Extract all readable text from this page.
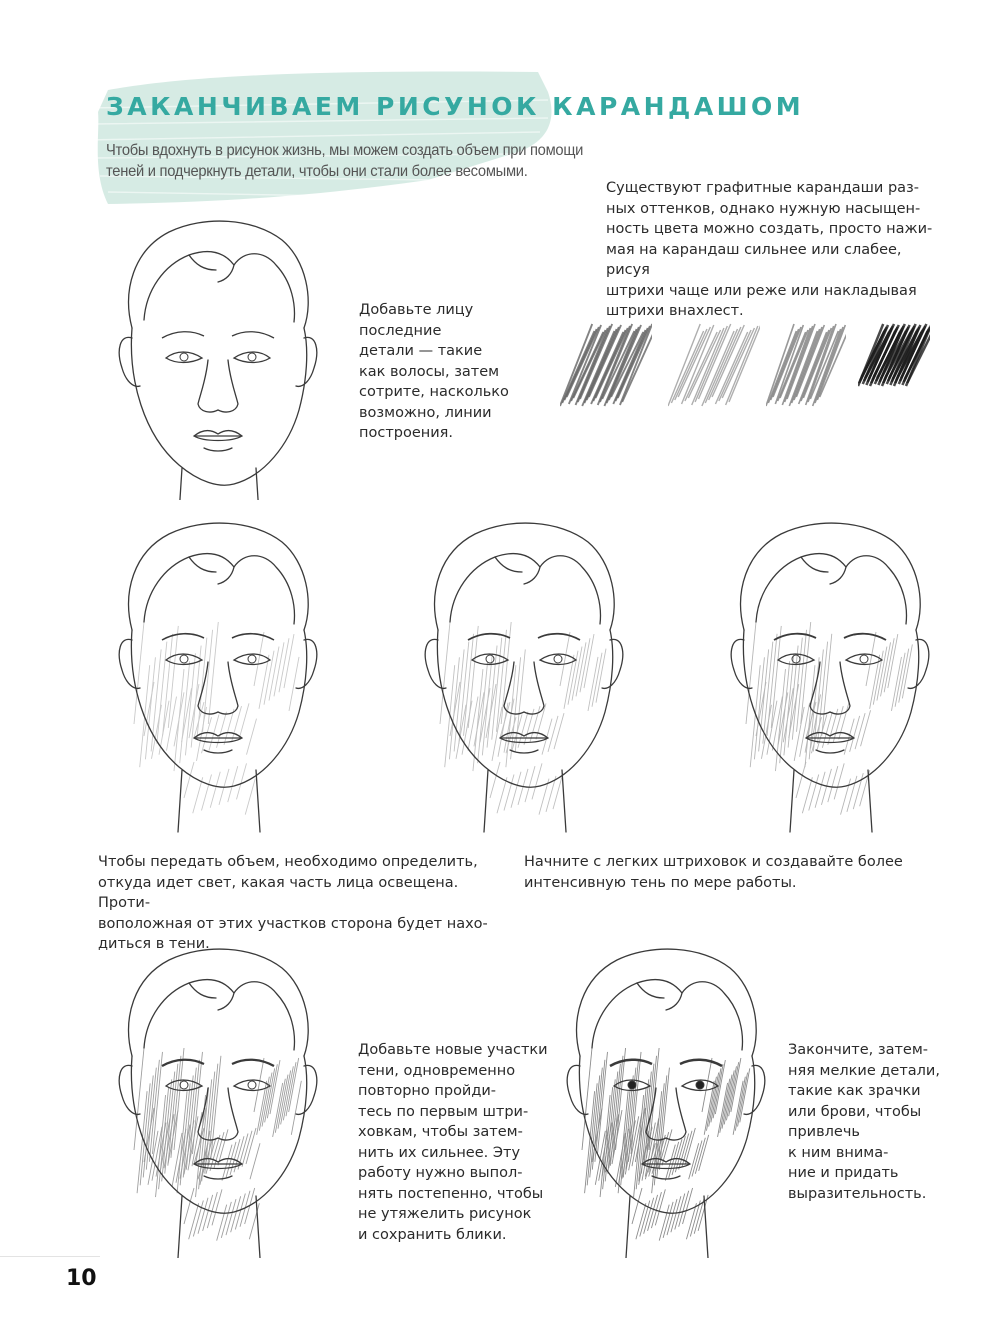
ЗАКАНЧИВАЕМ РИСУНОК КАРАНДАШОМ
Чтобы вдохнуть в рисунок жизнь, мы можем создать объем при помощи теней и подчеркнуть детали, чтобы они стали более весомыми.
Существуют графитные карандаши раз-
ных оттенков, однако нужную насыщен-
ность цвета можно создать, просто нажи-
мая на карандаш сильнее или слабее, рисуя
штрихи чаще или реже или накладывая
штрихи внахлест.
Добавьте лицу
последние
детали — такие
как волосы, затем
сотрите, насколько
возможно, линии
построения.
Чтобы передать объем, необходимо определить,
откуда идет свет, какая часть лица освещена. Проти-
воположная от этих участков сторона будет нахо-
диться в тени.
Начните с легких штриховок и создавайте более
интенсивную тень по мере работы.
Добавьте новые участки
тени, одновременно
повторно пройди-
тесь по первым штри-
ховкам, чтобы затем-
нить их сильнее. Эту
работу нужно выпол-
нять постепенно, чтобы
не утяжелить рисунок
и сохранить блики.
Закончите, затем-
няя мелкие детали,
такие как зрачки
или брови, чтобы
привлечь
к ним внима-
ние и придать
выразительность.
10
